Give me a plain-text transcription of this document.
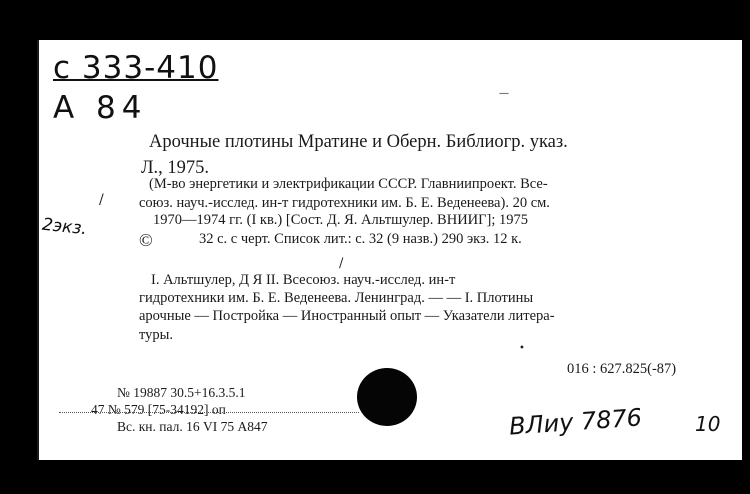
с 333-410
А 84
2экз.
/
Арочные плотины Мратине и Оберн. Библиогр. указ.
Л., 1975.
(М-во энергетики и электрификации СССР. Главниипроект. Все-
союз. науч.-исслед. ин-т гидротехники им. Б. Е. Веденеева). 20 см.
1970—1974 гг. (I кв.) [Сост. Д. Я. Альтшулер. ВНИИГ]; 1975
©	32 с. с черт. Список лит.: с. 32 (9 назв.) 290 экз. 12 к.
I. Альтшулер, Д Я II. Всесоюз. науч.-исслед. ин-т
гидротехники им. Б. Е. Веденеева. Ленинград. — — I. Плотины
арочные — Постройка — Иностранный опыт — Указатели литера-
туры.
016 : 627.825(-87)
№ 19887 30.5+16.3.5.1
47 № 579 [75-34192] оп
Вс. кн. пал. 16 VI 75 А847	ВЛиу 7876	10
/
•
—
